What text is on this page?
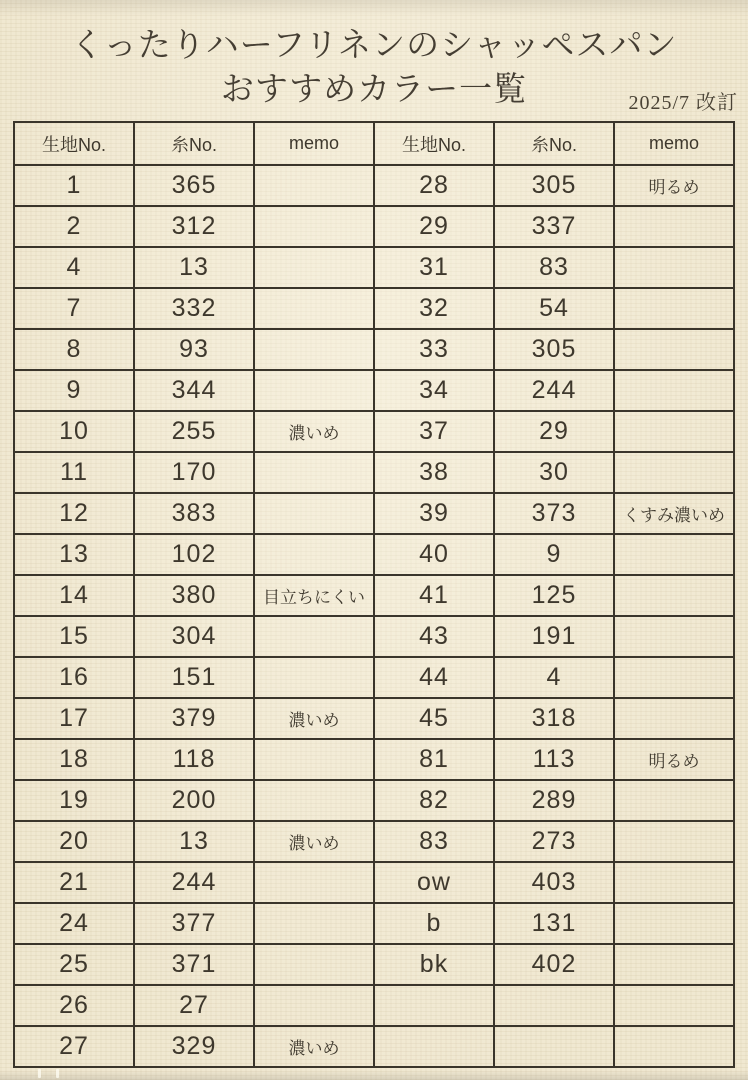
くったりハーフリネンのシャッペスパン
おすすめカラー一覧	2025/7 改訂
生地No.	糸No.	memo	生地No.	糸No.	memo
1	365		28	305	明るめ
2	312		29	337	
4	13		31	83	
7	332		32	54	
8	93		33	305	
9	344		34	244	
10	255	濃いめ	37	29	
11	170		38	30	
12	383		39	373	くすみ濃いめ
13	102		40	9	
14	380	目立ちにくい	41	125	
15	304		43	191	
16	151		44	4	
17	379	濃いめ	45	318	
18	118		81	113	明るめ
19	200		82	289	
20	13	濃いめ	83	273	
21	244		ow	403	
24	377		b	131	
25	371		bk	402	
26	27				
27	329	濃いめ			
